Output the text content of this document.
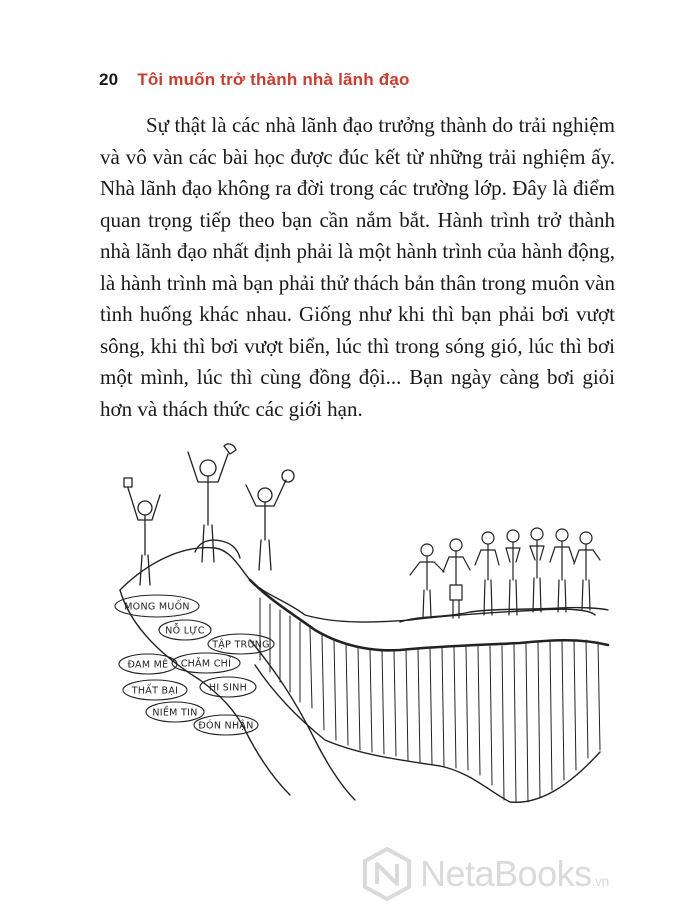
20 Tôi muốn trở thành nhà lãnh đạo

Sự thật là các nhà lãnh đạo trưởng thành do trải nghiệm và vô vàn các bài học được đúc kết từ những trải nghiệm ấy. Nhà lãnh đạo không ra đời trong các trường lớp. Đây là điểm quan trọng tiếp theo bạn cần nắm bắt. Hành trình trở thành nhà lãnh đạo nhất định phải là một hành trình của hành động, là hành trình mà bạn phải thử thách bản thân trong muôn vàn tình huống khác nhau. Giống như khi thì bạn phải bơi vượt sông, khi thì bơi vượt biển, lúc thì trong sóng gió, lúc thì bơi một mình, lúc thì cùng đồng đội... Bạn ngày càng bơi giỏi hơn và thách thức các giới hạn.

MONG MUỐN
NỖ LỰC
TẬP TRUNG
ĐAM MÊ CHĂM CHỈ
THẤT BẠI	HI SINH
NIỀM TIN
ĐÓN NHẬN
NetaBooks.vn
